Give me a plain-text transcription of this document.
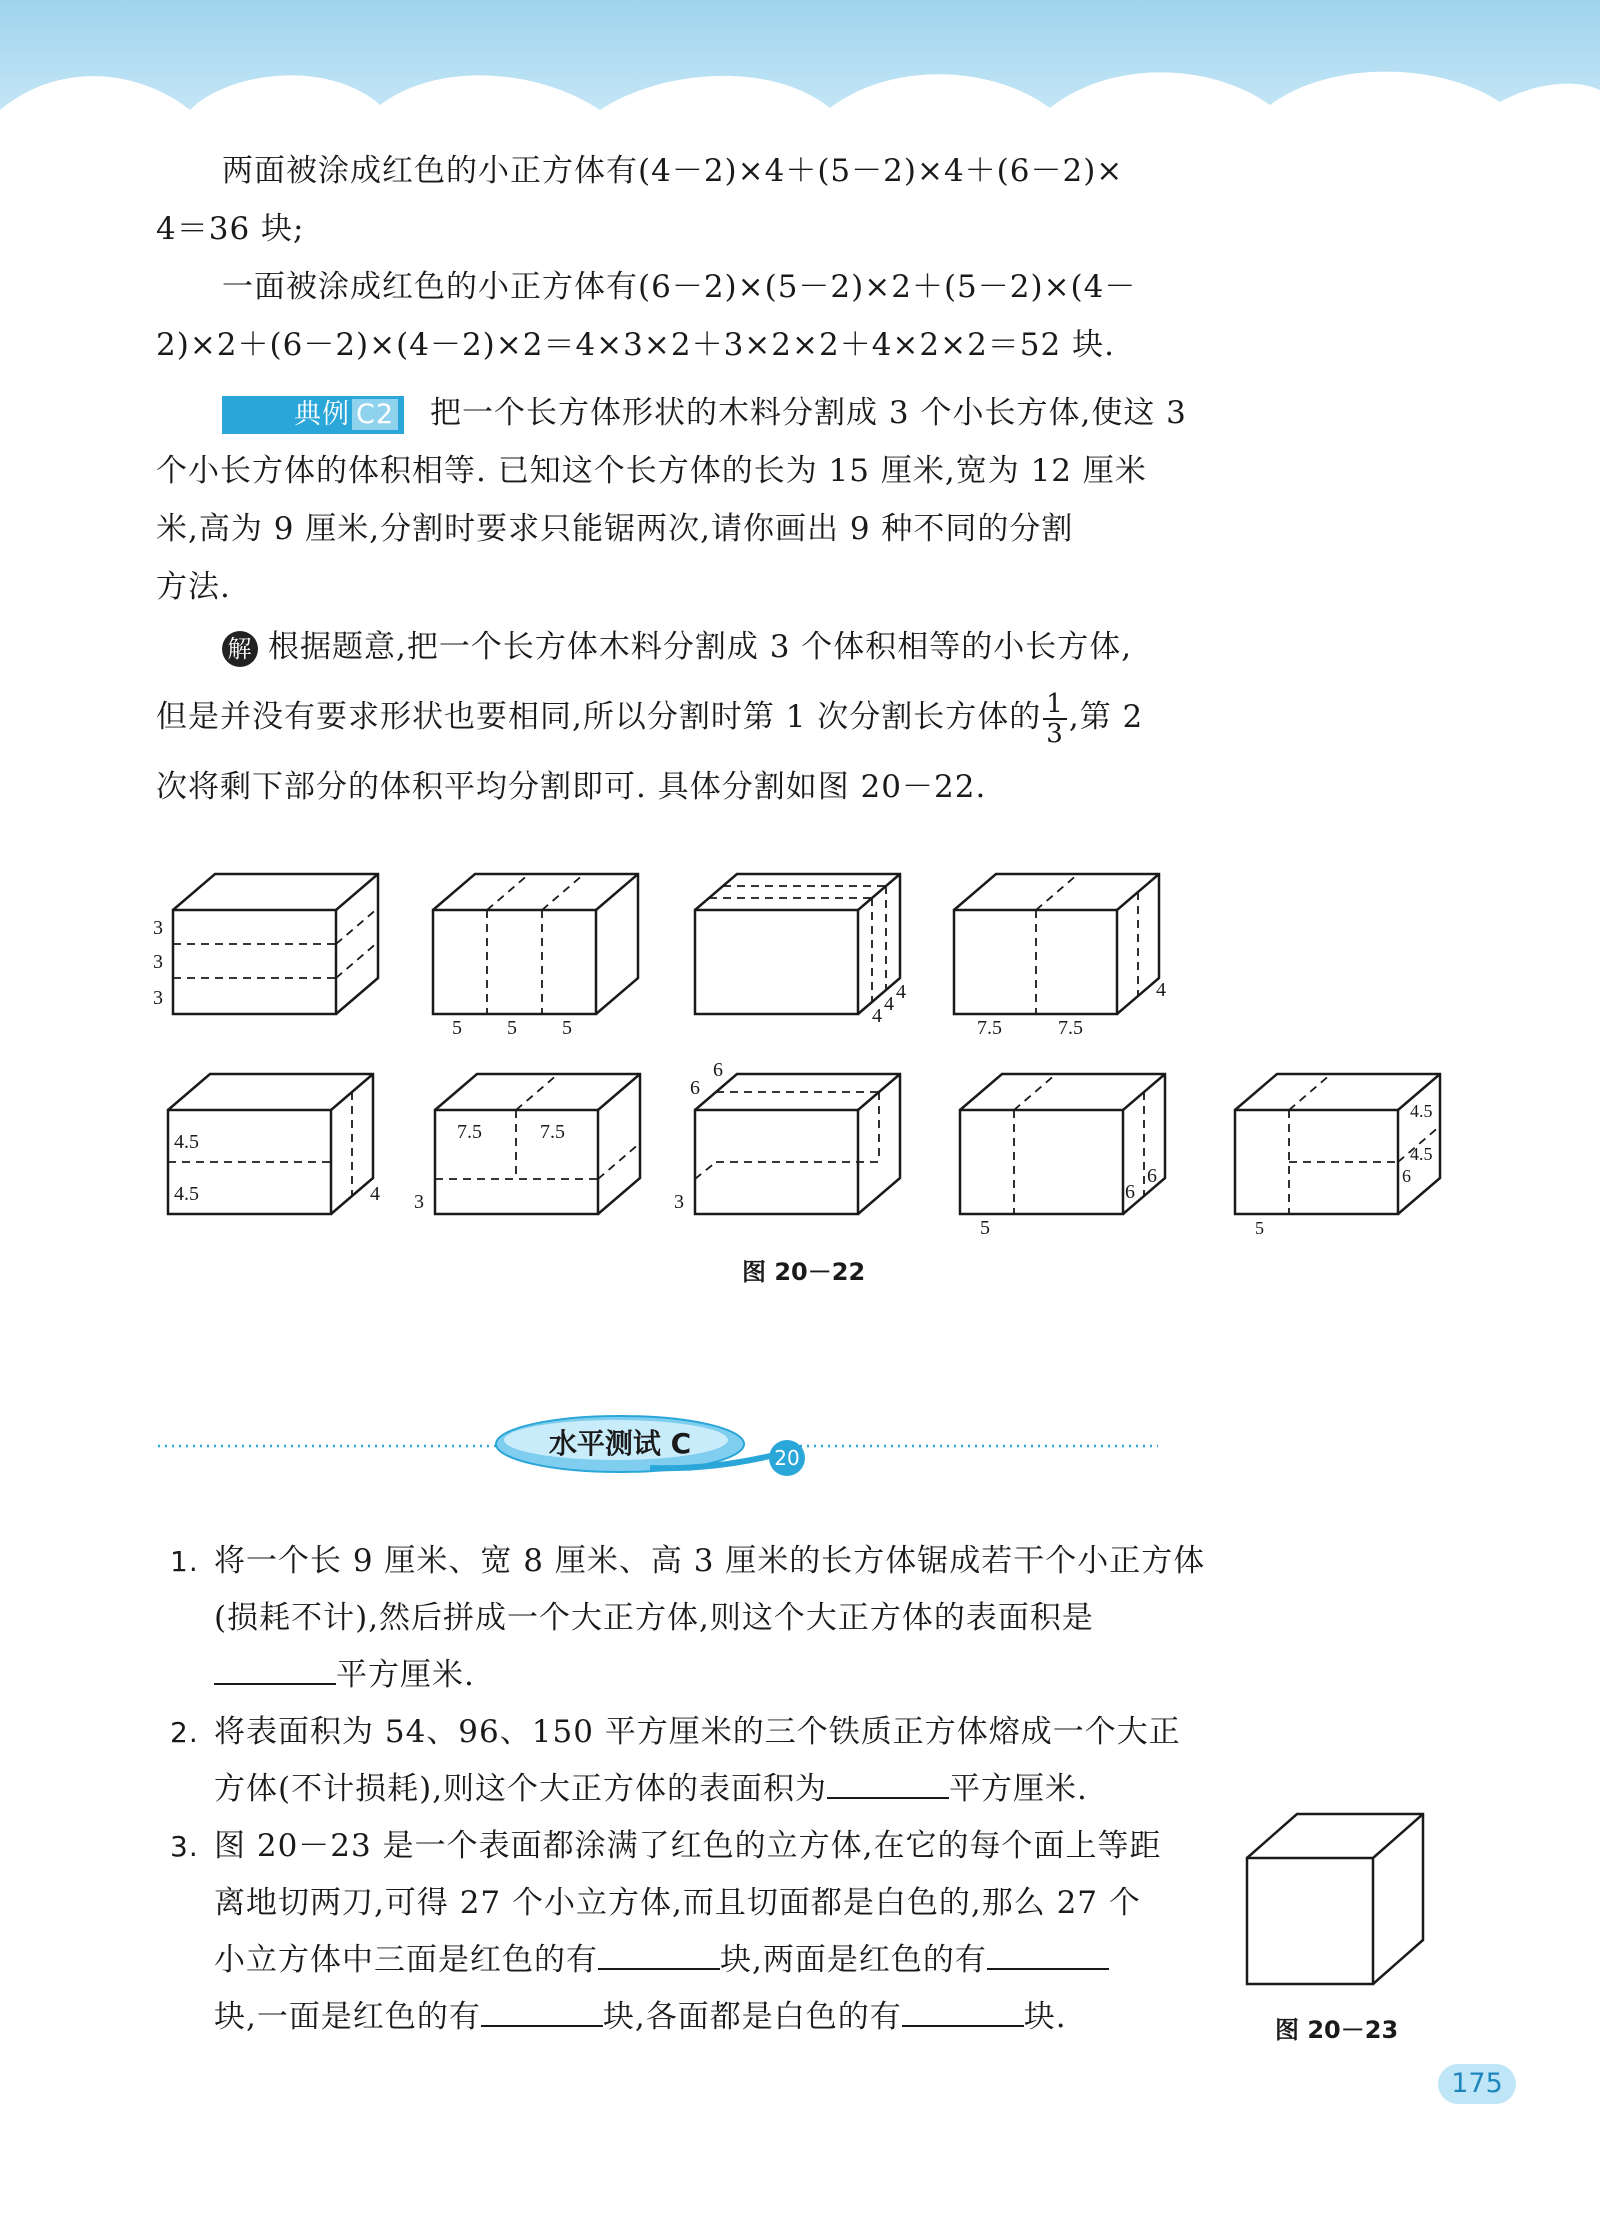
两面被涂成红色的小正方体有(4－2)×4＋(5－2)×4＋(6－2)×
4＝36 块;
一面被涂成红色的小正方体有(6－2)×(5－2)×2＋(5－2)×(4－
2)×2＋(6－2)×(4－2)×2＝4×3×2＋3×2×2＋4×2×2＝52 块.
典例 C2 把一个长方体形状的木料分割成 3 个小长方体,使这 3
个小长方体的体积相等. 已知这个长方体的长为 15 厘米,宽为 12 厘米
米,高为 9 厘米,分割时要求只能锯两次,请你画出 9 种不同的分割
方法.
解 根据题意,把一个长方体木料分割成 3 个体积相等的小长方体,
但是并没有要求形状也要相同,所以分割时第 1 次分割长方体的 $\frac{1}{3}$ ,第 2
次将剩下部分的体积平均分割即可. 具体分割如图 20－22.
3
3
3
5 5 5
4
4
4
7.5	7.5
4
4.5
4.5	4
7.5	7.5
3
6
6
3	6
6
5
4.5
4.5
6
5
图 20－22
水平测试 C	20
1. 将一个长 9 厘米、宽 8 厘米、高 3 厘米的长方体锯成若干个小正方体
(损耗不计),然后拼成一个大正方体,则这个大正方体的表面积是
平方厘米.
2. 将表面积为 54、96、150 平方厘米的三个铁质正方体熔成一个大正
方体(不计损耗),则这个大正方体的表面积为	平方厘米.
3. 图 20－23 是一个表面都涂满了红色的立方体,在它的每个面上等距
离地切两刀,可得 27 个小立方体,而且切面都是白色的,那么 27 个
小立方体中三面是红色的有	块,两面是红色的有
块,一面是红色的有	块,各面都是白色的有	块.	图 20－23
175
